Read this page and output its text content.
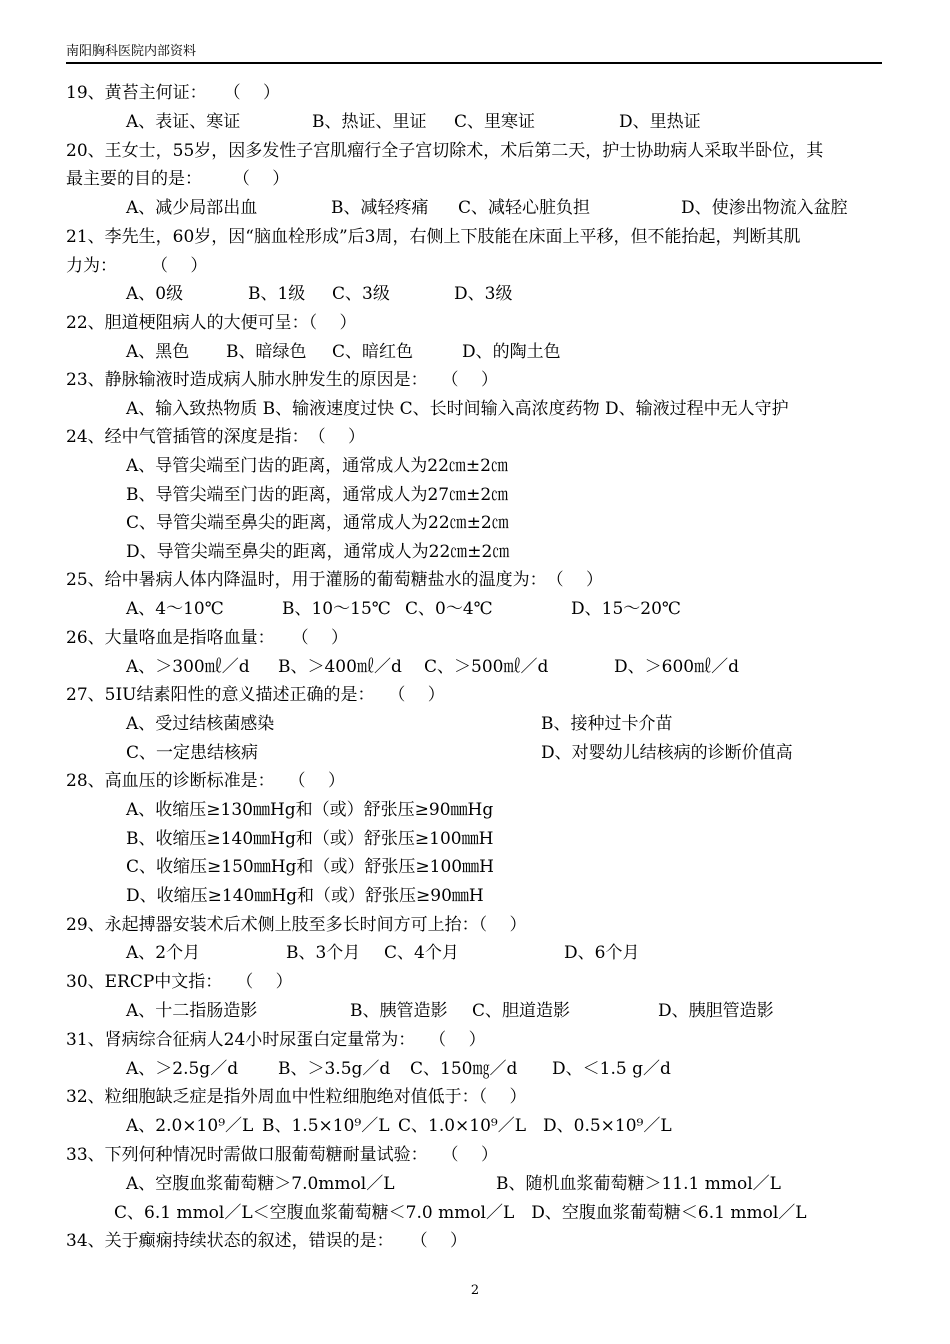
南阳胸科医院内部资料
19、黄苔主何证：　　（　 ）
A、表证、寒证	B、热证、里证 C、里寒证	D、里热证
20、王女士，55岁，因多发性子宫肌瘤行全子宫切除术，术后第二天，护士协助病人采取半卧位，其
最主要的目的是：　　 （　 ）
A、减少局部出血	B、减轻疼痛 C、减轻心脏负担	D、使渗出物流入盆腔
21、李先生，60岁，因“脑血栓形成”后3周，右侧上下肢能在床面上平移，但不能抬起，判断其肌
力为：　　　（　 ）
A、0级	B、1级 C、3级	D、3级
22、胆道梗阻病人的大便可呈：（　 ）
A、黑色 B、暗绿色 C、暗红色	D、的陶土色
23、静脉输液时造成病人肺水肿发生的原因是：　 （　 ）
A、输入致热物质 B、输液速度过快 C、长时间输入高浓度药物 D、输液过程中无人守护
24、经中气管插管的深度是指：　（　 ）
A、导管尖端至门齿的距离，通常成人为22㎝±2㎝
B、导管尖端至门齿的距离，通常成人为27㎝±2㎝
C、导管尖端至鼻尖的距离，通常成人为22㎝±2㎝
D、导管尖端至鼻尖的距离，通常成人为22㎝±2㎝
25、给中暑病人体内降温时，用于灌肠的葡萄糖盐水的温度为：　（　 ）
A、4～10℃	B、10～15℃ C、0～4℃	D、15～20℃
26、大量咯血是指咯血量：　　（　 ）
A、＞300㎖／d B、＞400㎖／d C、＞500㎖／d	D、＞600㎖／d
27、5IU结素阳性的意义描述正确的是：　 （　 ）
A、受过结核菌感染	B、接种过卡介苗
C、一定患结核病	D、对婴幼儿结核病的诊断价值高
28、高血压的诊断标准是：　 （　 ）
A、收缩压≥130㎜Hg和（或）舒张压≥90㎜Hg
B、收缩压≥140㎜Hg和（或）舒张压≥100㎜H
C、收缩压≥150㎜Hg和（或）舒张压≥100㎜H
D、收缩压≥140㎜Hg和（或）舒张压≥90㎜H
29、永起搏器安装术后术侧上肢至多长时间方可上抬：（　 ）
A、2个月	B、3个月 C、4个月	D、6个月
30、ERCP中文指：　 （　 ）
A、十二指肠造影	B、胰管造影 C、胆道造影	D、胰胆管造影
31、肾病综合征病人24小时尿蛋白定量常为：　 （　 ）
A、＞2.5g／d B、＞3.5g／d C、150㎎／d D、＜1.5 g／d
32、粒细胞缺乏症是指外周血中性粒细胞绝对值低于：（　 ）
A、2.0×10⁹／L B、1.5×10⁹／L C、1.0×10⁹／L D、0.5×10⁹／L
33、下列何种情况时需做口服葡萄糖耐量试验：　 （　 ）
A、空腹血浆葡萄糖＞7.0mmol／L	B、随机血浆葡萄糖＞11.1 mmol／L
C、6.1 mmol／L＜空腹血浆葡萄糖＜7.0 mmol／L　D、空腹血浆葡萄糖＜6.1 mmol／L
34、关于癫痫持续状态的叙述，错误的是：　　（　 ）
2
